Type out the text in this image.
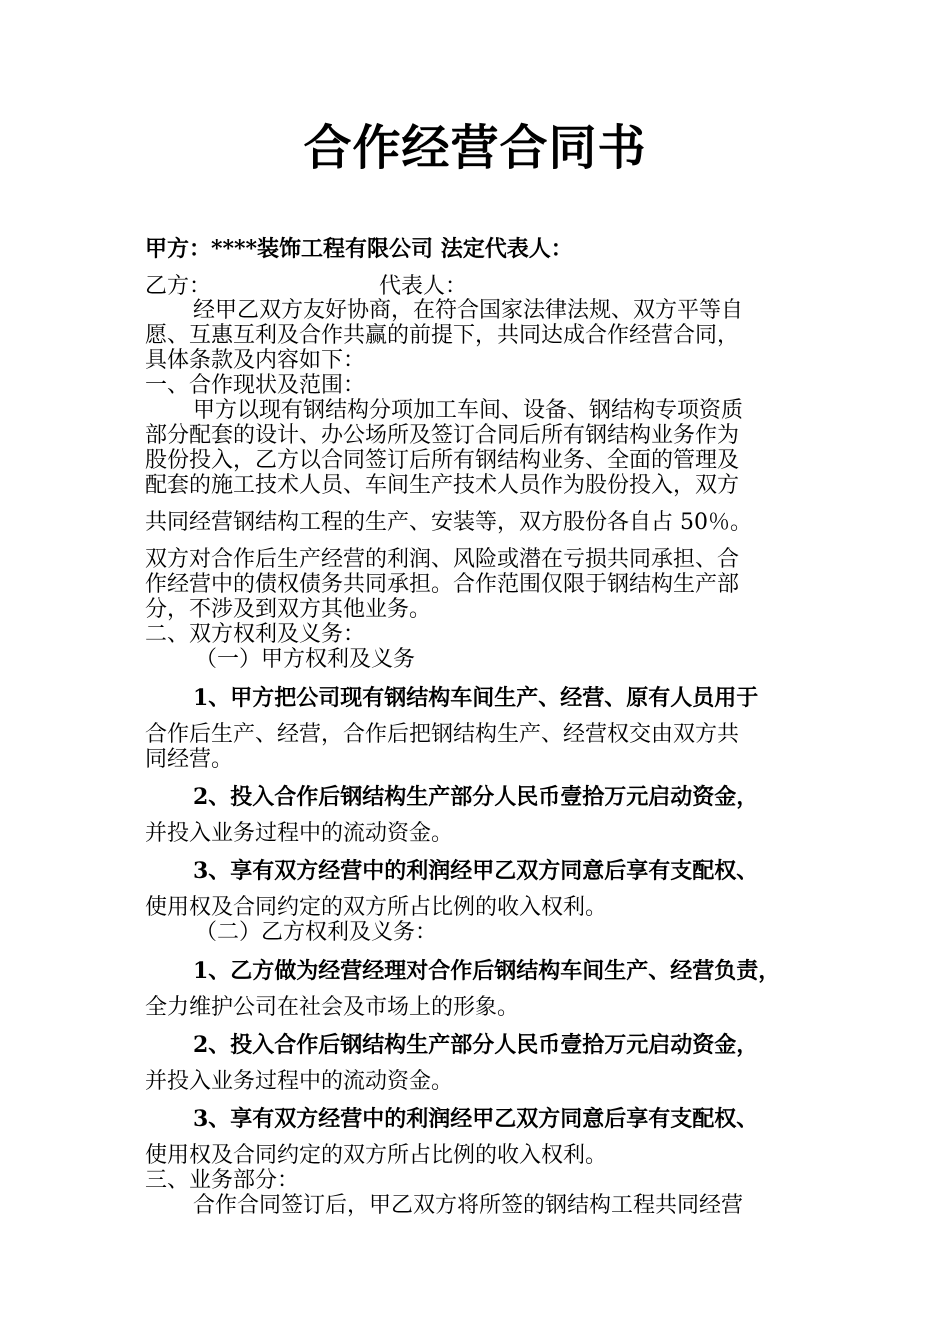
合作经营合同书
甲方：****装饰工程有限公司 法定代表人：
乙方：	代表人：
经甲乙双方友好协商，在符合国家法律法规、双方平等自
愿、互惠互利及合作共赢的前提下，共同达成合作经营合同，
具体条款及内容如下：
一、合作现状及范围：
甲方以现有钢结构分项加工车间、设备、钢结构专项资质
部分配套的设计、办公场所及签订合同后所有钢结构业务作为
股份投入，乙方以合同签订后所有钢结构业务、全面的管理及
配套的施工技术人员、车间生产技术人员作为股份投入，双方
共同经营钢结构工程的生产、安装等，双方股份各自占 50％。
双方对合作后生产经营的利润、风险或潜在亏损共同承担、合
作经营中的债权债务共同承担。合作范围仅限于钢结构生产部
分，不涉及到双方其他业务。
二、双方权利及义务：
（一）甲方权利及义务
1、甲方把公司现有钢结构车间生产、经营、原有人员用于
合作后生产、经营，合作后把钢结构生产、经营权交由双方共
同经营。
2、投入合作后钢结构生产部分人民币壹拾万元启动资金，
并投入业务过程中的流动资金。
3、享有双方经营中的利润经甲乙双方同意后享有支配权、
使用权及合同约定的双方所占比例的收入权利。
（二）乙方权利及义务：
1、乙方做为经营经理对合作后钢结构车间生产、经营负责，
全力维护公司在社会及市场上的形象。
2、投入合作后钢结构生产部分人民币壹拾万元启动资金，
并投入业务过程中的流动资金。
3、享有双方经营中的利润经甲乙双方同意后享有支配权、
使用权及合同约定的双方所占比例的收入权利。
三、业务部分：
合作合同签订后，甲乙双方将所签的钢结构工程共同经营
